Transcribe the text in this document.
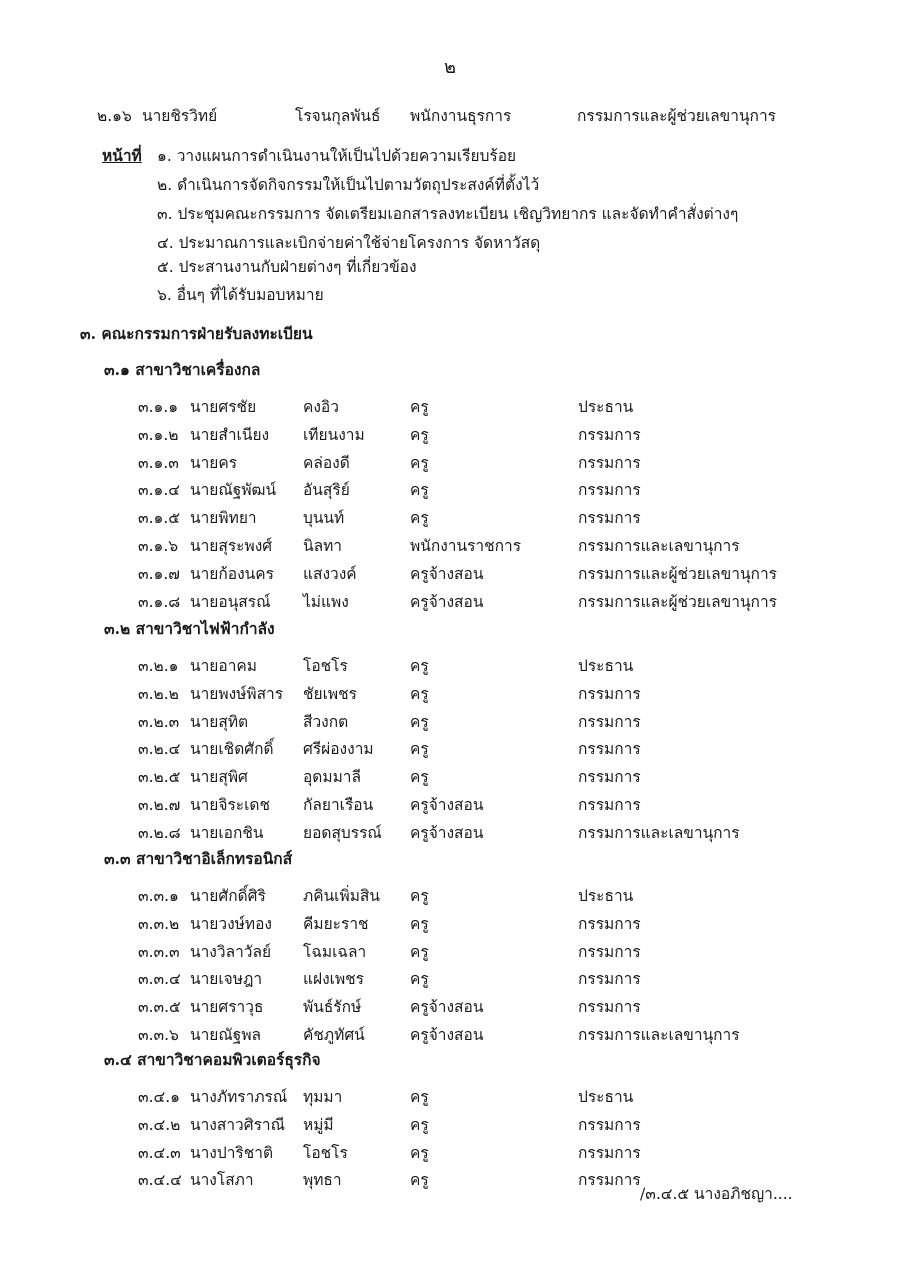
๒
๒.๑๖ นายชิรวิทย์	โรจนกุลพันธ์ พนักงานธุรการ	กรรมการและผู้ช่วยเลขานุการ
หน้าที่ ๑. วางแผนการดำเนินงานให้เป็นไปด้วยความเรียบร้อย
๒. ดำเนินการจัดกิจกรรมให้เป็นไปตามวัตถุประสงค์ที่ตั้งไว้
๓. ประชุมคณะกรรมการ จัดเตรียมเอกสารลงทะเบียน เชิญวิทยากร และจัดทำคำสั่งต่างๆ
๔. ประมาณการและเบิกจ่ายค่าใช้จ่ายโครงการ จัดหาวัสดุ
๕. ประสานงานกับฝ่ายต่างๆ ที่เกี่ยวข้อง
๖. อื่นๆ ที่ได้รับมอบหมาย
๓. คณะกรรมการฝ่ายรับลงทะเบียน
๓.๑ สาขาวิชาเครื่องกล
๓.๑.๑ นายศรชัย	คงอิว	ครู	ประธาน
๓.๑.๒ นายสำเนียง เทียนงาม	ครู	กรรมการ
๓.๑.๓ นายคร	คล่องดี	ครู	กรรมการ
๓.๑.๔ นายณัฐพัฒน์ อันสุริย์	ครู	กรรมการ
๓.๑.๕ นายพิทยา	บุนนท์	ครู	กรรมการ
๓.๑.๖ นายสุระพงศ์ นิลทา	พนักงานราชการ	กรรมการและเลขานุการ
๓.๑.๗ นายก้องนคร แสงวงค์	ครูจ้างสอน	กรรมการและผู้ช่วยเลขานุการ
๓.๑.๘ นายอนุสรณ์ ไม่แพง	ครูจ้างสอน	กรรมการและผู้ช่วยเลขานุการ
๓.๒ สาขาวิชาไฟฟ้ากำลัง
๓.๒.๑ นายอาคม	โอชโร	ครู	ประธาน
๓.๒.๒ นายพงษ์พิสาร ชัยเพชร	ครู	กรรมการ
๓.๒.๓ นายสุทิต	สีวงกต	ครู	กรรมการ
๓.๒.๔ นายเชิดศักดิ์ ศรีผ่องงาม ครู	กรรมการ
๓.๒.๕ นายสุพิศ	อุดมมาลี	ครู	กรรมการ
๓.๒.๗ นายจิระเดช กัลยาเรือน ครูจ้างสอน	กรรมการ
๓.๒.๘ นายเอกชิน	ยอดสุบรรณ์ ครูจ้างสอน	กรรมการและเลขานุการ
๓.๓ สาขาวิชาอิเล็กทรอนิกส์
๓.๓.๑ นายศักดิ์ศิริ ภคินเพิ่มสิน ครู	ประธาน
๓.๓.๒ นายวงษ์ทอง คีมยะราช	ครู	กรรมการ
๓.๓.๓ นางวิลาวัลย์ โฉมเฉลา	ครู	กรรมการ
๓.๓.๔ นายเจษฎา	แฝงเพชร	ครู	กรรมการ
๓.๓.๕ นายศราวุธ	พันธ์รักษ์	ครูจ้างสอน	กรรมการ
๓.๓.๖ นายณัฐพล	คัชภูทัศน์	ครูจ้างสอน	กรรมการและเลขานุการ
๓.๔ สาขาวิชาคอมพิวเตอร์ธุรกิจ
๓.๔.๑ นางภัทราภรณ์ ทุมมา	ครู	ประธาน
๓.๔.๒ นางสาวศิราณี หมู่มี	ครู	กรรมการ
๓.๔.๓ นางปาริชาติ โอชโร	ครู	กรรมการ
๓.๔.๔ นางโสภา	พุทธา	ครู	กรรมการ
/๓.๔.๕ นางอภิชญา....
